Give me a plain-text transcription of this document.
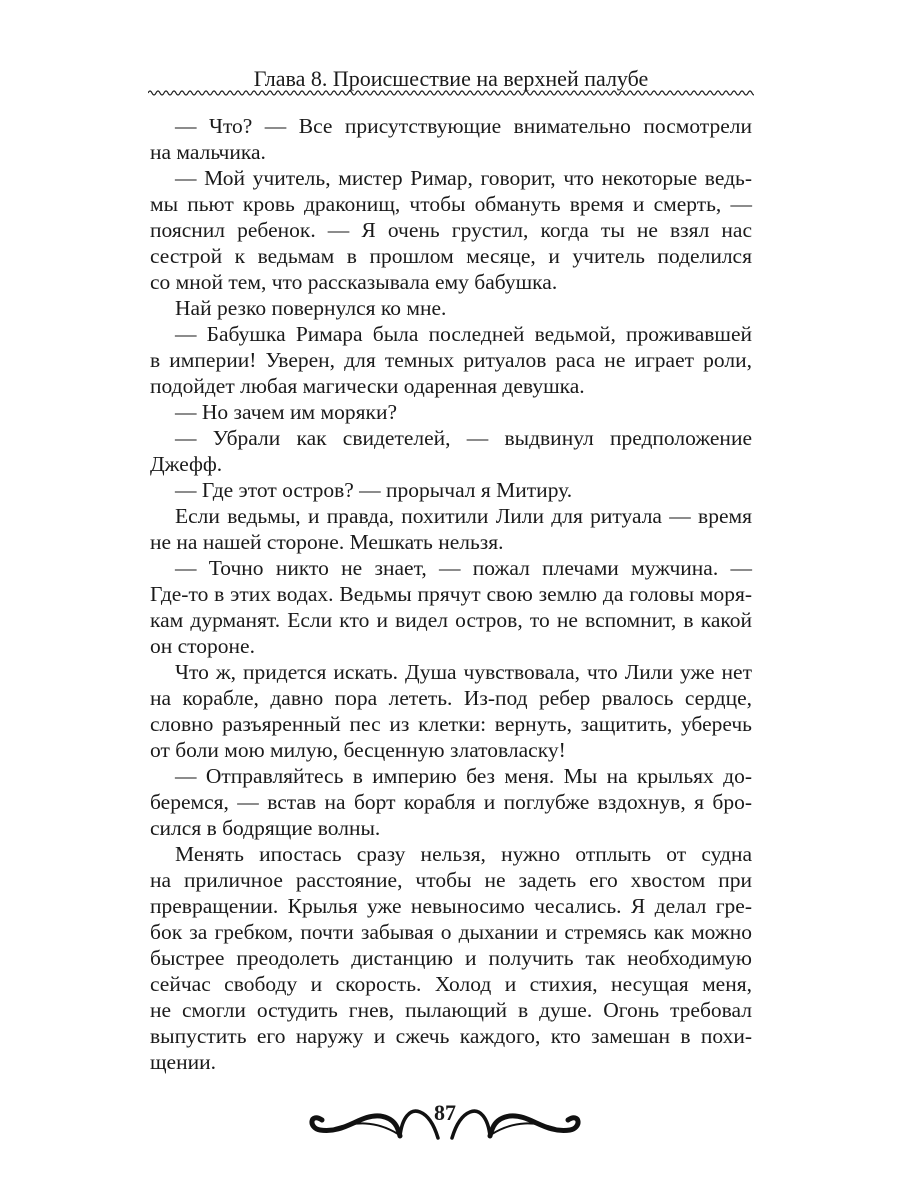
Глава 8. Происшествие на верхней палубе
— Что? — Все присутствующие внимательно посмотрели
на мальчика.
— Мой учитель, мистер Римар, говорит, что некоторые ведь-
мы пьют кровь драконищ, чтобы обмануть время и смерть, —
пояснил ребенок. — Я очень грустил, когда ты не взял нас
сестрой к ведьмам в прошлом месяце, и учитель поделился
со мной тем, что рассказывала ему бабушка.
Най резко повернулся ко мне.
— Бабушка Римара была последней ведьмой, проживавшей
в империи! Уверен, для темных ритуалов раса не играет роли,
подойдет любая магически одаренная девушка.
— Но зачем им моряки?
— Убрали как свидетелей, — выдвинул предположение
Джефф.
— Где этот остров? — прорычал я Митиру.
Если ведьмы, и правда, похитили Лили для ритуала — время
не на нашей стороне. Мешкать нельзя.
— Точно никто не знает, — пожал плечами мужчина. —
Где-то в этих водах. Ведьмы прячут свою землю да головы моря-
кам дурманят. Если кто и видел остров, то не вспомнит, в какой
он стороне.
Что ж, придется искать. Душа чувствовала, что Лили уже нет
на корабле, давно пора лететь. Из-под ребер рвалось сердце,
словно разъяренный пес из клетки: вернуть, защитить, уберечь
от боли мою милую, бесценную златовласку!
— Отправляйтесь в империю без меня. Мы на крыльях до-
беремся, — встав на борт корабля и поглубже вздохнув, я бро-
сился в бодрящие волны.
Менять ипостась сразу нельзя, нужно отплыть от судна
на приличное расстояние, чтобы не задеть его хвостом при
превращении. Крылья уже невыносимо чесались. Я делал гре-
бок за гребком, почти забывая о дыхании и стремясь как можно
быстрее преодолеть дистанцию и получить так необходимую
сейчас свободу и скорость. Холод и стихия, несущая меня,
не смогли остудить гнев, пылающий в душе. Огонь требовал
выпустить его наружу и сжечь каждого, кто замешан в похи-
щении.
87
